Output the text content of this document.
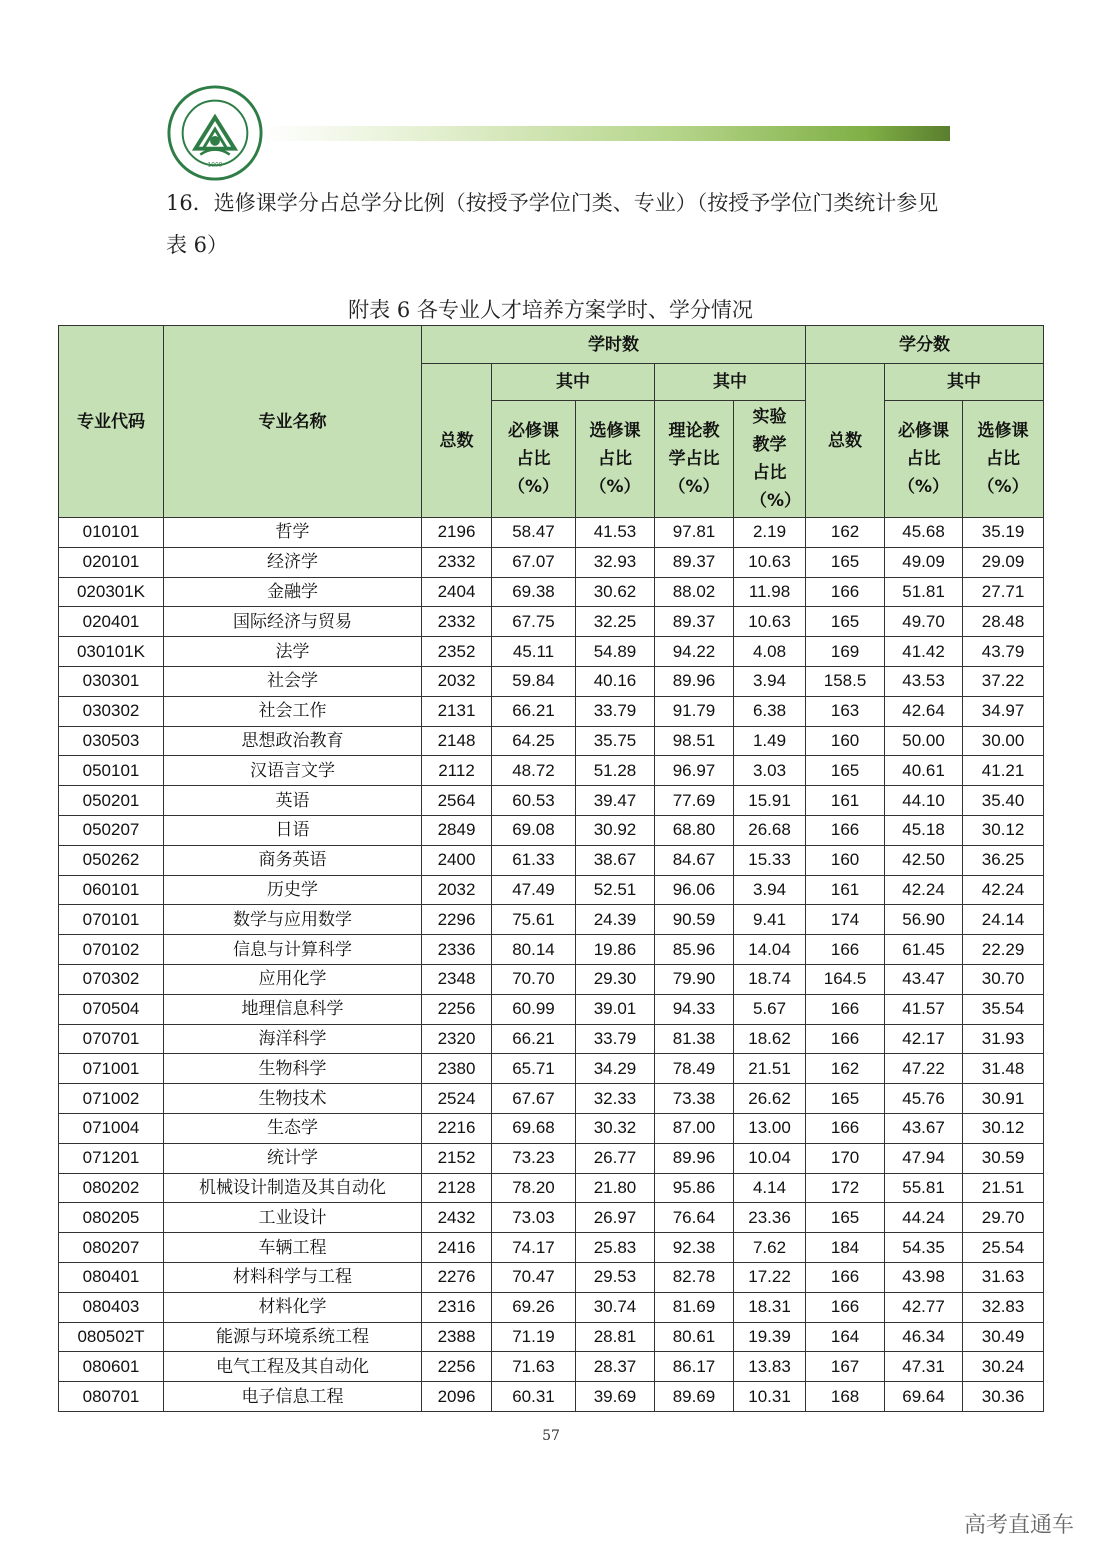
1909
16．选修课学分占总学分比例（按授予学位门类、专业）（按授予学位门类统计参见表 6）
附表 6 各专业人才培养方案学时、学分情况
专业代码	专业名称	学时数					学分数		
		总数	其中		其中		总数	其中	
			必修课占比（%）	选修课占比（%）	理论教学占比（%）	实验教学占比（%）		必修课占比（%）	选修课占比（%）
010101	哲学	2196	58.47	41.53	97.81	2.19	162	45.68	35.19
020101	经济学	2332	67.07	32.93	89.37	10.63	165	49.09	29.09
020301K	金融学	2404	69.38	30.62	88.02	11.98	166	51.81	27.71
020401	国际经济与贸易	2332	67.75	32.25	89.37	10.63	165	49.70	28.48
030101K	法学	2352	45.11	54.89	94.22	4.08	169	41.42	43.79
030301	社会学	2032	59.84	40.16	89.96	3.94	158.5	43.53	37.22
030302	社会工作	2131	66.21	33.79	91.79	6.38	163	42.64	34.97
030503	思想政治教育	2148	64.25	35.75	98.51	1.49	160	50.00	30.00
050101	汉语言文学	2112	48.72	51.28	96.97	3.03	165	40.61	41.21
050201	英语	2564	60.53	39.47	77.69	15.91	161	44.10	35.40
050207	日语	2849	69.08	30.92	68.80	26.68	166	45.18	30.12
050262	商务英语	2400	61.33	38.67	84.67	15.33	160	42.50	36.25
060101	历史学	2032	47.49	52.51	96.06	3.94	161	42.24	42.24
070101	数学与应用数学	2296	75.61	24.39	90.59	9.41	174	56.90	24.14
070102	信息与计算科学	2336	80.14	19.86	85.96	14.04	166	61.45	22.29
070302	应用化学	2348	70.70	29.30	79.90	18.74	164.5	43.47	30.70
070504	地理信息科学	2256	60.99	39.01	94.33	5.67	166	41.57	35.54
070701	海洋科学	2320	66.21	33.79	81.38	18.62	166	42.17	31.93
071001	生物科学	2380	65.71	34.29	78.49	21.51	162	47.22	31.48
071002	生物技术	2524	67.67	32.33	73.38	26.62	165	45.76	30.91
071004	生态学	2216	69.68	30.32	87.00	13.00	166	43.67	30.12
071201	统计学	2152	73.23	26.77	89.96	10.04	170	47.94	30.59
080202	机械设计制造及其自动化	2128	78.20	21.80	95.86	4.14	172	55.81	21.51
080205	工业设计	2432	73.03	26.97	76.64	23.36	165	44.24	29.70
080207	车辆工程	2416	74.17	25.83	92.38	7.62	184	54.35	25.54
080401	材料科学与工程	2276	70.47	29.53	82.78	17.22	166	43.98	31.63
080403	材料化学	2316	69.26	30.74	81.69	18.31	166	42.77	32.83
080502T	能源与环境系统工程	2388	71.19	28.81	80.61	19.39	164	46.34	30.49
080601	电气工程及其自动化	2256	71.63	28.37	86.17	13.83	167	47.31	30.24
080701	电子信息工程	2096	60.31	39.69	89.69	10.31	168	69.64	30.36
57
高考直通车
